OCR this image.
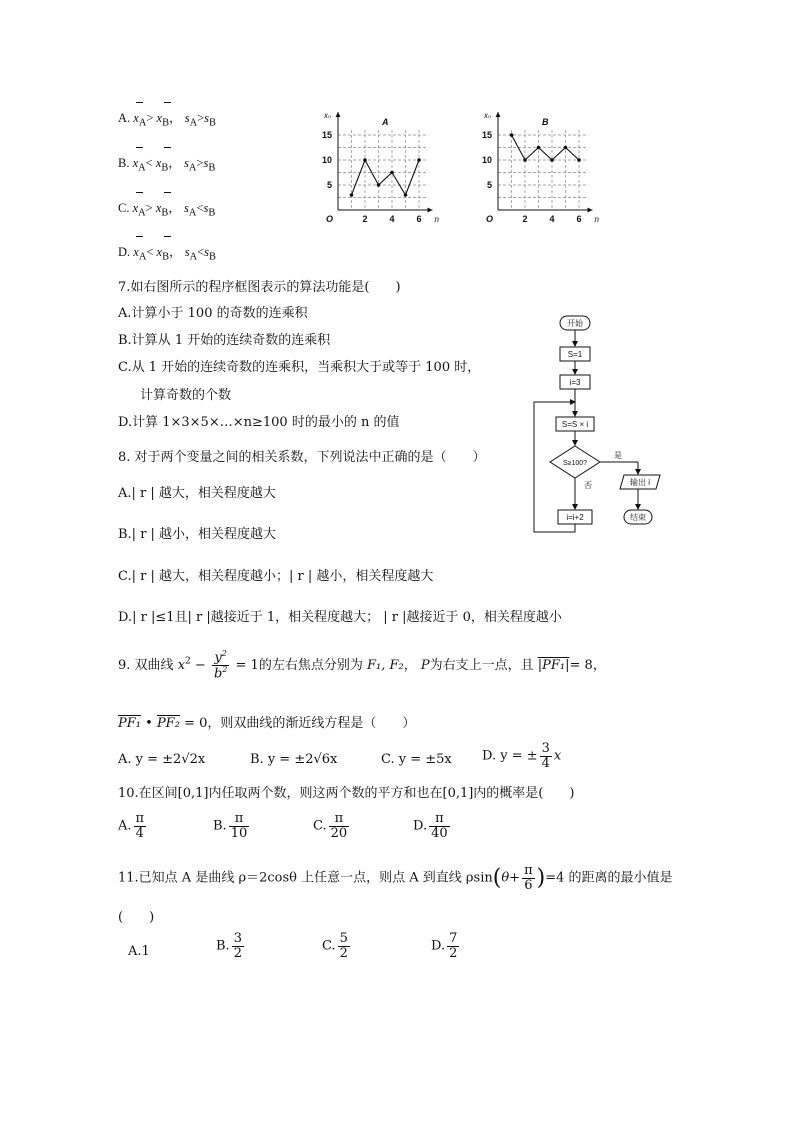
A. $x_A> x_B$， $s_A>s_B$
B. $x_A< x_B$， $s_A>s_B$
C. $x_A> x_B$， $s_A<s_B$
D. $x_A< x_B$， $s_A<s_B$
O	n
xₙ
A
2 4 6
5
10
15
O	n
xₙ
B
2 4 6
5
10
15
7.如右图所示的程序框图表示的算法功能是(　　)
A.计算小于 100 的奇数的连乘积
B.计算从 1 开始的连续奇数的连乘积
C.从 1 开始的连续奇数的连乘积，当乘积大于或等于 100 时，
计算奇数的个数
D.计算 1×3×5×…×n≥100 时的最小的 n 的值
开始
S=1
i=3
S=S × i
S≥100?
是
否	输出 i
结束
i=i+2
8. 对于两个变量之间的相关系数，下列说法中正确的是（　　）
A.| r | 越大，相关程度越大
B.| r | 越小，相关程度越大
C.| r | 越大，相关程度越小；| r | 越小，相关程度越大
D.| r |≤1且| r |越接近于 1，相关程度越大； | r |越接近于 0，相关程度越小
9. 双曲线 $x^2 - \frac{y^2}{b^2} = 1$的左右焦点分别为 F₁, F₂， P为右支上一点，且 |PF₁|= 8，
PF₁ • PF₂ = 0，则双曲线的渐近线方程是（　　）
A. y = ±2√2x	B. y = ±2√6x	C. y = ±5x D. y = ± $\frac{3}{4}$ x
10.在区间[0,1]内任取两个数，则这两个数的平方和也在[0,1]内的概率是(　　)
A. $\frac{\pi}{4}$	B. $\frac{\pi}{10}$	C. $\frac{\pi}{20}$	D. $\frac{\pi}{40}$
11.已知点 A 是曲线 ρ＝2cosθ 上任意一点，则点 A 到直线 $\rho\sin(\theta+ \frac{\pi}{6} )=4$ 的距离的最小值是
(　　)
A.1	B. $\frac{3}{2}$	C. $\frac{5}{2}$	D. $\frac{7}{2}$
